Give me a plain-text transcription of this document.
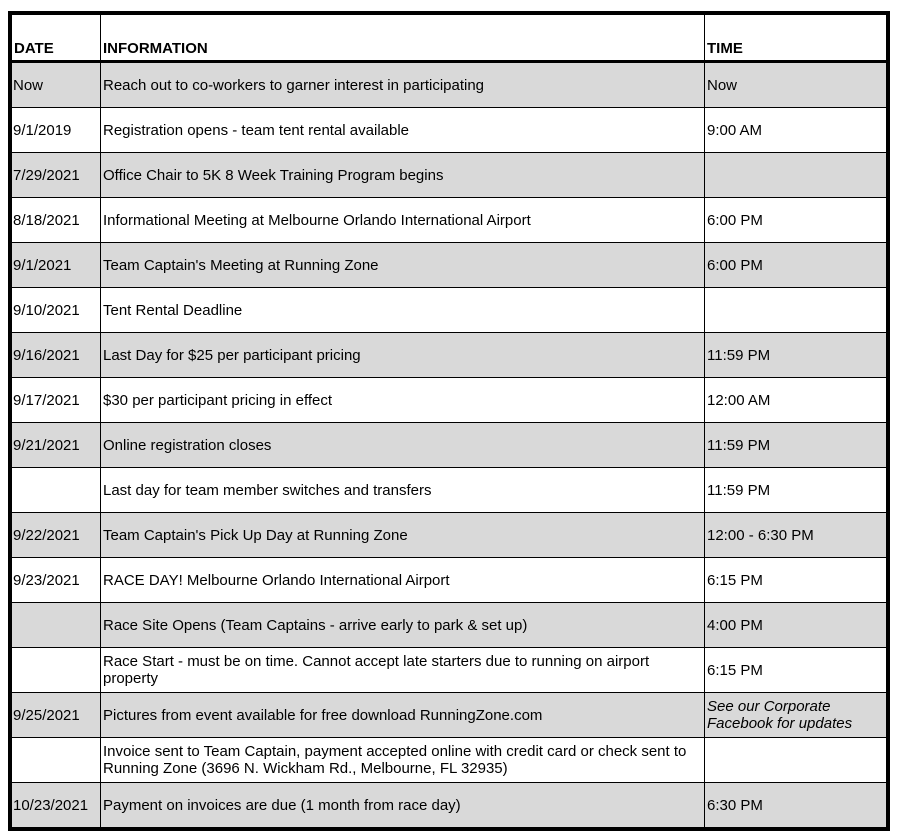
DATE	INFORMATION	TIME
Now	Reach out to co-workers to garner interest in participating	Now
9/1/2019	Registration opens - team tent rental available	9:00 AM
7/29/2021	Office Chair to 5K 8 Week Training Program begins	
8/18/2021	Informational Meeting at Melbourne Orlando International Airport	6:00 PM
9/1/2021	Team Captain's Meeting at Running Zone	6:00 PM
9/10/2021	Tent Rental Deadline	
9/16/2021	Last Day for $25 per participant pricing	11:59 PM
9/17/2021	$30 per participant pricing in effect	12:00 AM
9/21/2021	Online registration closes	11:59 PM
	Last day for team member switches and transfers	11:59 PM
9/22/2021	Team Captain's Pick Up Day at Running Zone	12:00 - 6:30 PM
9/23/2021	RACE DAY! Melbourne Orlando International Airport	6:15 PM
	Race Site Opens (Team Captains - arrive early to park & set up)	4:00 PM
	Race Start - must be on time. Cannot accept late starters due to running on airport property	6:15 PM
9/25/2021	Pictures from event available for free download RunningZone.com	See our Corporate Facebook for updates
	Invoice sent to Team Captain, payment accepted online with credit card or check sent to Running Zone (3696 N. Wickham Rd., Melbourne, FL 32935)	
10/23/2021	Payment on invoices are due (1 month from race day)	6:30 PM
